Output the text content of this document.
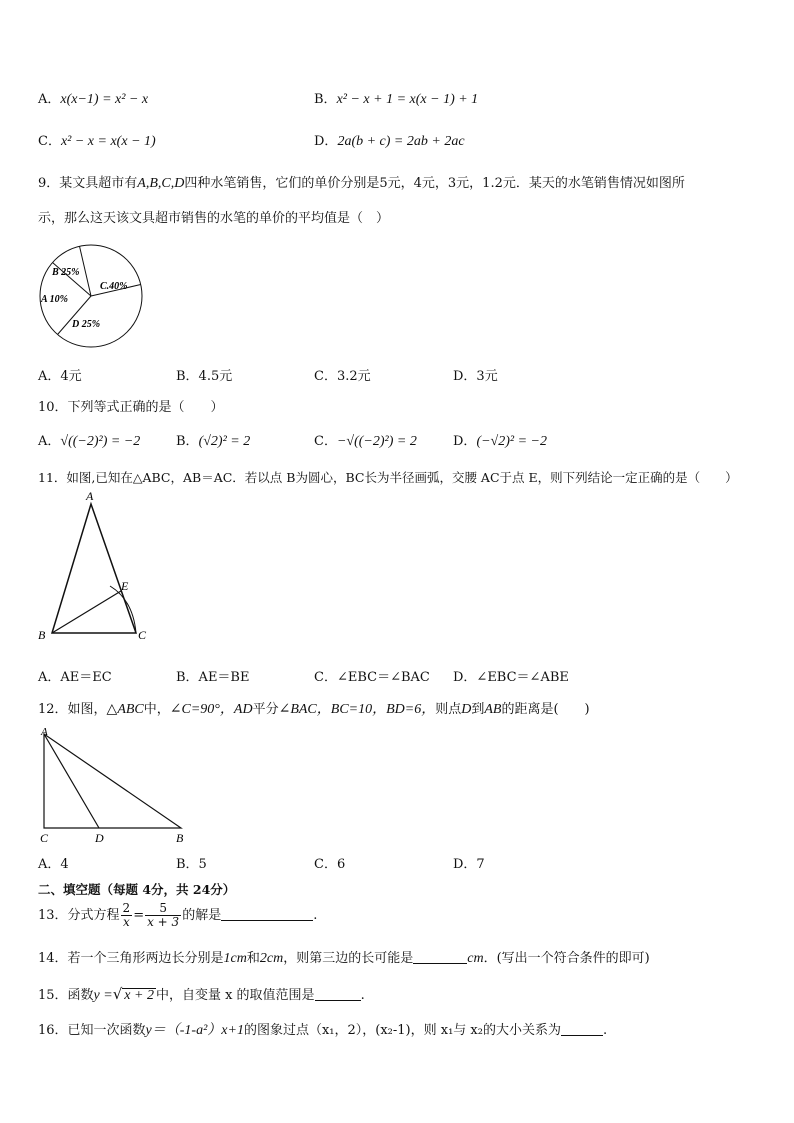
A．x(x−1) = x² − x	B．x² − x + 1 = x(x − 1) + 1
C．x² − x = x(x − 1)	D．2a(b + c) = 2ab + 2ac
9．某文具超市有A,B,C,D四种水笔销售，它们的单价分别是5元，4元，3元，1.2元．某天的水笔销售情况如图所
示，那么这天该文具超市销售的水笔的单价的平均值是（　）
B 25%
A 10%
C.40%
D 25%
A．4元	B．4.5元	C．3.2元	D．3元
10．下列等式正确的是（　　）
A．√((−2)²) = −2	B．(√2)² = 2	C．−√((−2)²) = 2	D．(−√2)² = −2
11．如图,已知在△ABC，AB＝AC．若以点 B为圆心，BC长为半径画弧，交腰 AC于点 E，则下列结论一定正确的是（　　）
A
B	C
E
A．AE＝EC	B．AE＝BE	C．∠EBC＝∠BAC D．∠EBC＝∠ABE
12．如图，△ABC中，∠C=90°，AD平分∠BAC，BC=10，BD=6，则点D到AB的距离是(　　)
A
C	D	B
A．4	B．5	C．6	D．7
二、填空题（每题 4分，共 24分）
13．分式方程 $\frac{2}{x} = \frac{5}{x + 3}$ 的解是	.
14．若一个三角形两边长分别是1cm和2cm，则第三边的长可能是	cm．(写出一个符合条件的即可)
15．函数y =√ x + 2 中，自变量 x 的取值范围是	.
16．已知一次函数y＝（-1-a²）x+1的图象过点（x₁，2），(x₂-1)，则 x₁与 x₂的大小关系为	.
